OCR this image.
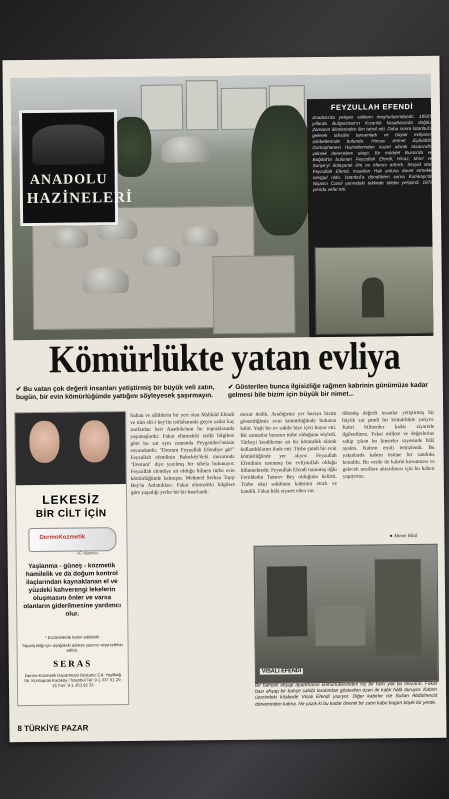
ANADOLU
HAZİNELERİ
FEYZULLAH EFENDİ
Anadolu'da yetişen velilerin meşhurlarındandır. 1850'li yıllarda Bulgaristan'ın Kızanlık kasabasında doğdu. Zamanın âlimlerinden ilim tahsil etti. Daha sonra İstanbul'a gelerek tahsilini tamamladı ve büyük evliyanın sohbetlerinde bulundu. Hocası Ahmet Ziyâüddin Gümüşhanevi Hazretlerinden icazet alarak tasavvufta yüksek derecelere ulaştı. Bir müddet Bursa'da ve Bağdat'ta bulunan Feyzullah Efendi, Hicaz, Mısır ve Suriye'yi dolaşarak ilim ve irfanını arttırdı. Seyyid olan Feyzullah Efendi, insanları Hak yoluna davet etmekle meşgul oldu. İstanbul'a döndükten sonra Kumkapı'da Nişancı Camii yanındaki tekkede talebe yetiştirdi. 1876 yılında vefat etti.
Kömürlükte yatan evliya
✔ Bu vatan çok değerli insanları yetiştirmiş bir büyük veli zatın, bugün, bir evin kömürlüğünde yattığını söyleyesek şaşırmayın.
✔ Gösterilen bunca ilgisizliğe rağmen kabrinin günümüze kadar gelmesi bile bizim için büyük bir nimet...
LEKESİZ
BİR CİLT İÇİN
DermoKozmetik
«C vitamini»
Yaşlanma - güneş - kozmetik hamilelik ve da doğum kontrol ilaçlarından kaynaklanan el ve yüzdeki kahverengi lekelerin oluşmasını önler ve varsa olanların giderilmesine yardımcı olur.
* Eczanelerde temin edilebilir.
Sipariş Bilgi için aşağıdaki adrese yazınız veya telefon ediniz.
SERAS
Dermo-Kozmetik Departmanı Bostancı Cd. Yeşilbağ Sk. Kızıltoprak Kadıköy / İstanbul Tel: 9-1-337 01 20-21 Fax: 9-1-353 92 33
Sultan ve sâlihlerin bir yeri olan Mahkûd Efendi ve tüm ehl-i bey'tin istilahatında geçen zatlar kaç asırlardan beri Anadolu'nun bu topraklarında yaşamışlardır. Fakat elimizdeki tarihi bilgilere göre bu zat aynı zamanda Peygamber'imizin soyundandır. "Dostum Feyzullah Efendiye git!" Feyzullah efendinin Bakırköy'deki mezarında "Dostum" diye yazılmış bir tabela bulunuyor. Feyzullah efendiye ait olduğu bilinen türbe evin kömürlüğünde kalmıştır. Mehmed Serhan Tayşi Bey'in Anlattıkları: Fakat elimizdeki bilgilere göre yaşadığı yerler bir bir hatırlandı.
mezar dedik. Aradığımız yer buraya bizim gösterdiğimiz evin kömürlüğünde bulunan kabir. Yaşlı bir ev sahibi bize içeri buyur etti. Bir zamanlar buranın türbe olduğunu söyledi. Türbeyi kendilerine ait bir kömürlük olarak kullandıklarını ifade etti. Türbe şimdi bir evin kömürlüğünde yer alıyor. Feyzullah Efendinin tanınmış bir evliyaullah olduğu bilinmektedir. Feyzullah Efendi tanınmış oğlu Feriddedin Tamrev Bey olduğunu belirtti. Türbe okul sahibinin kabrinin etrafı ve kandili. Fakat hâlâ ziyaret eden var.
dökmüş değerli insanlar yetiştirmiş bir büyük zat şimdi bir kömürlükte yatıyor. Kabri bilinenler kadar ziyaretle ilgilenilmez. Fakat millete ve değerlerine sahip çıkan bu kimseler sayesinde hâlâ ayakta. Kabrin etrafı temizlendi. Bu yakınlarda kabrin üstüne bir sanduka konuldu. Bu vesile ile kabrin korunması ve gelecek nesillere aktarılması için bu haberi yapıyoruz.
● Ahmet Bilal
VİSALİ EFENDİ
Bir bahçeli ahşap apartmanın kömürlüklerinden hiç bir farkı yok bu mezarın. Fakat bazı ahşap bir bahçe sahibi tarafından gösterilen özen ile kabir hâlâ duruyor. Kabrin üzerindeki kitabede Visali Efendi yazıyor. Diğer kabirler ise Sultan Abdülmecid döneminden kalma. Ne yazık ki bu kadar önemli bir zatın kabri bugün böyle bir yerde.
8 TÜRKİYE PAZAR
